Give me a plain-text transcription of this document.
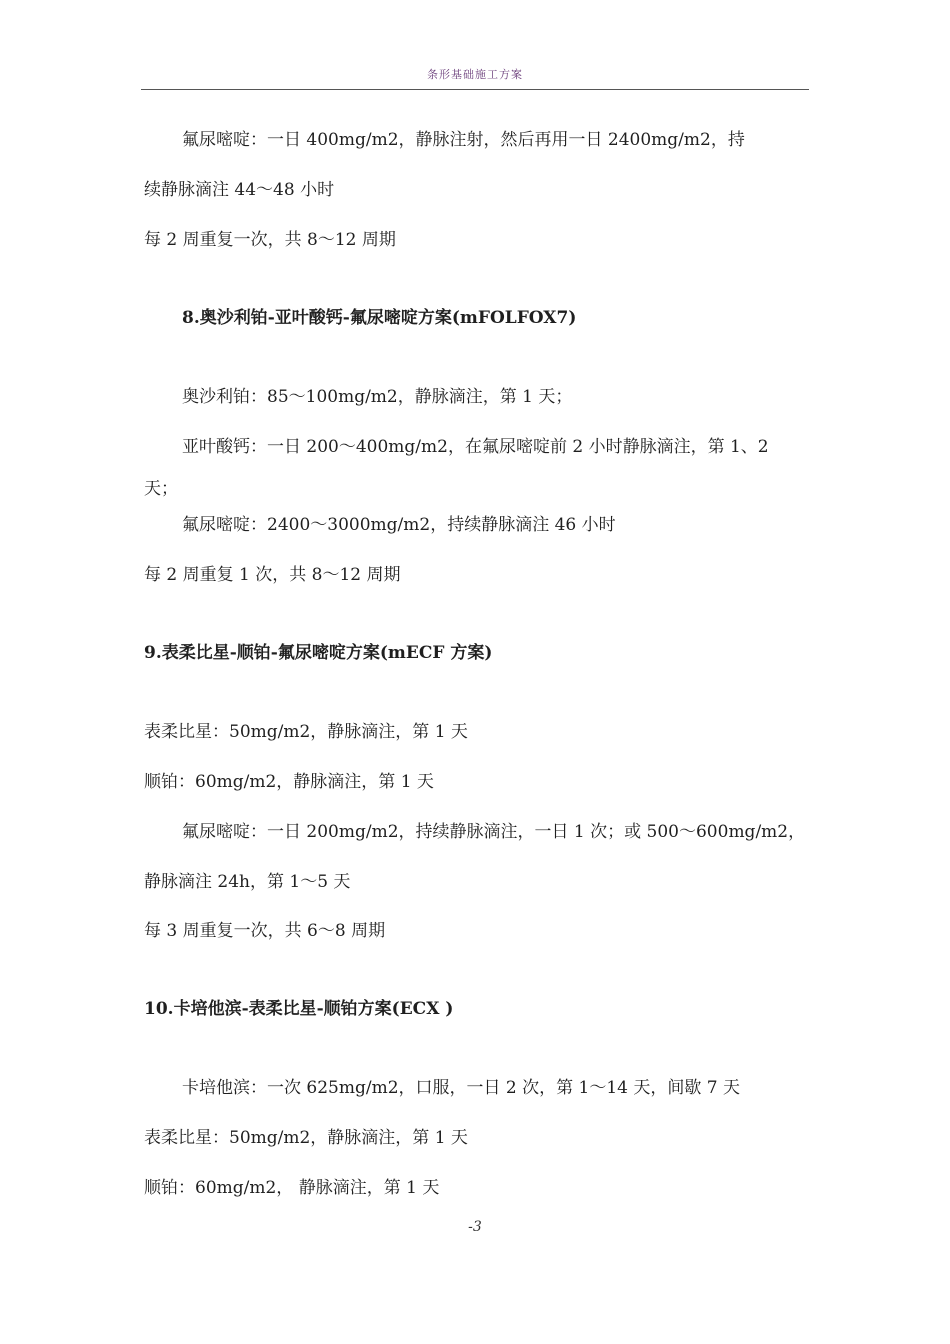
条形基础施工方案
氟尿嘧啶：一日 400mg/m2，静脉注射，然后再用一日 2400mg/m2，持
续静脉滴注 44～48 小时
每 2 周重复一次，共 8～12 周期
8.奥沙利铂-亚叶酸钙-氟尿嘧啶方案(mFOLFOX7)
奥沙利铂：85～100mg/m2，静脉滴注，第 1 天；
亚叶酸钙：一日 200～400mg/m2，在氟尿嘧啶前 2 小时静脉滴注，第 1、2
天；
氟尿嘧啶：2400～3000mg/m2，持续静脉滴注 46 小时
每 2 周重复 1 次，共 8～12 周期
9.表柔比星-顺铂-氟尿嘧啶方案(mECF 方案)
表柔比星：50mg/m2，静脉滴注，第 1 天
顺铂：60mg/m2，静脉滴注，第 1 天
氟尿嘧啶：一日 200mg/m2，持续静脉滴注，一日 1 次；或 500～600mg/m2，
静脉滴注 24h，第 1～5 天
每 3 周重复一次，共 6～8 周期
10.卡培他滨-表柔比星-顺铂方案(ECX )
卡培他滨：一次 625mg/m2，口服，一日 2 次，第 1～14 天，间歇 7 天
表柔比星：50mg/m2，静脉滴注，第 1 天
顺铂：60mg/m2， 静脉滴注，第 1 天
-3
